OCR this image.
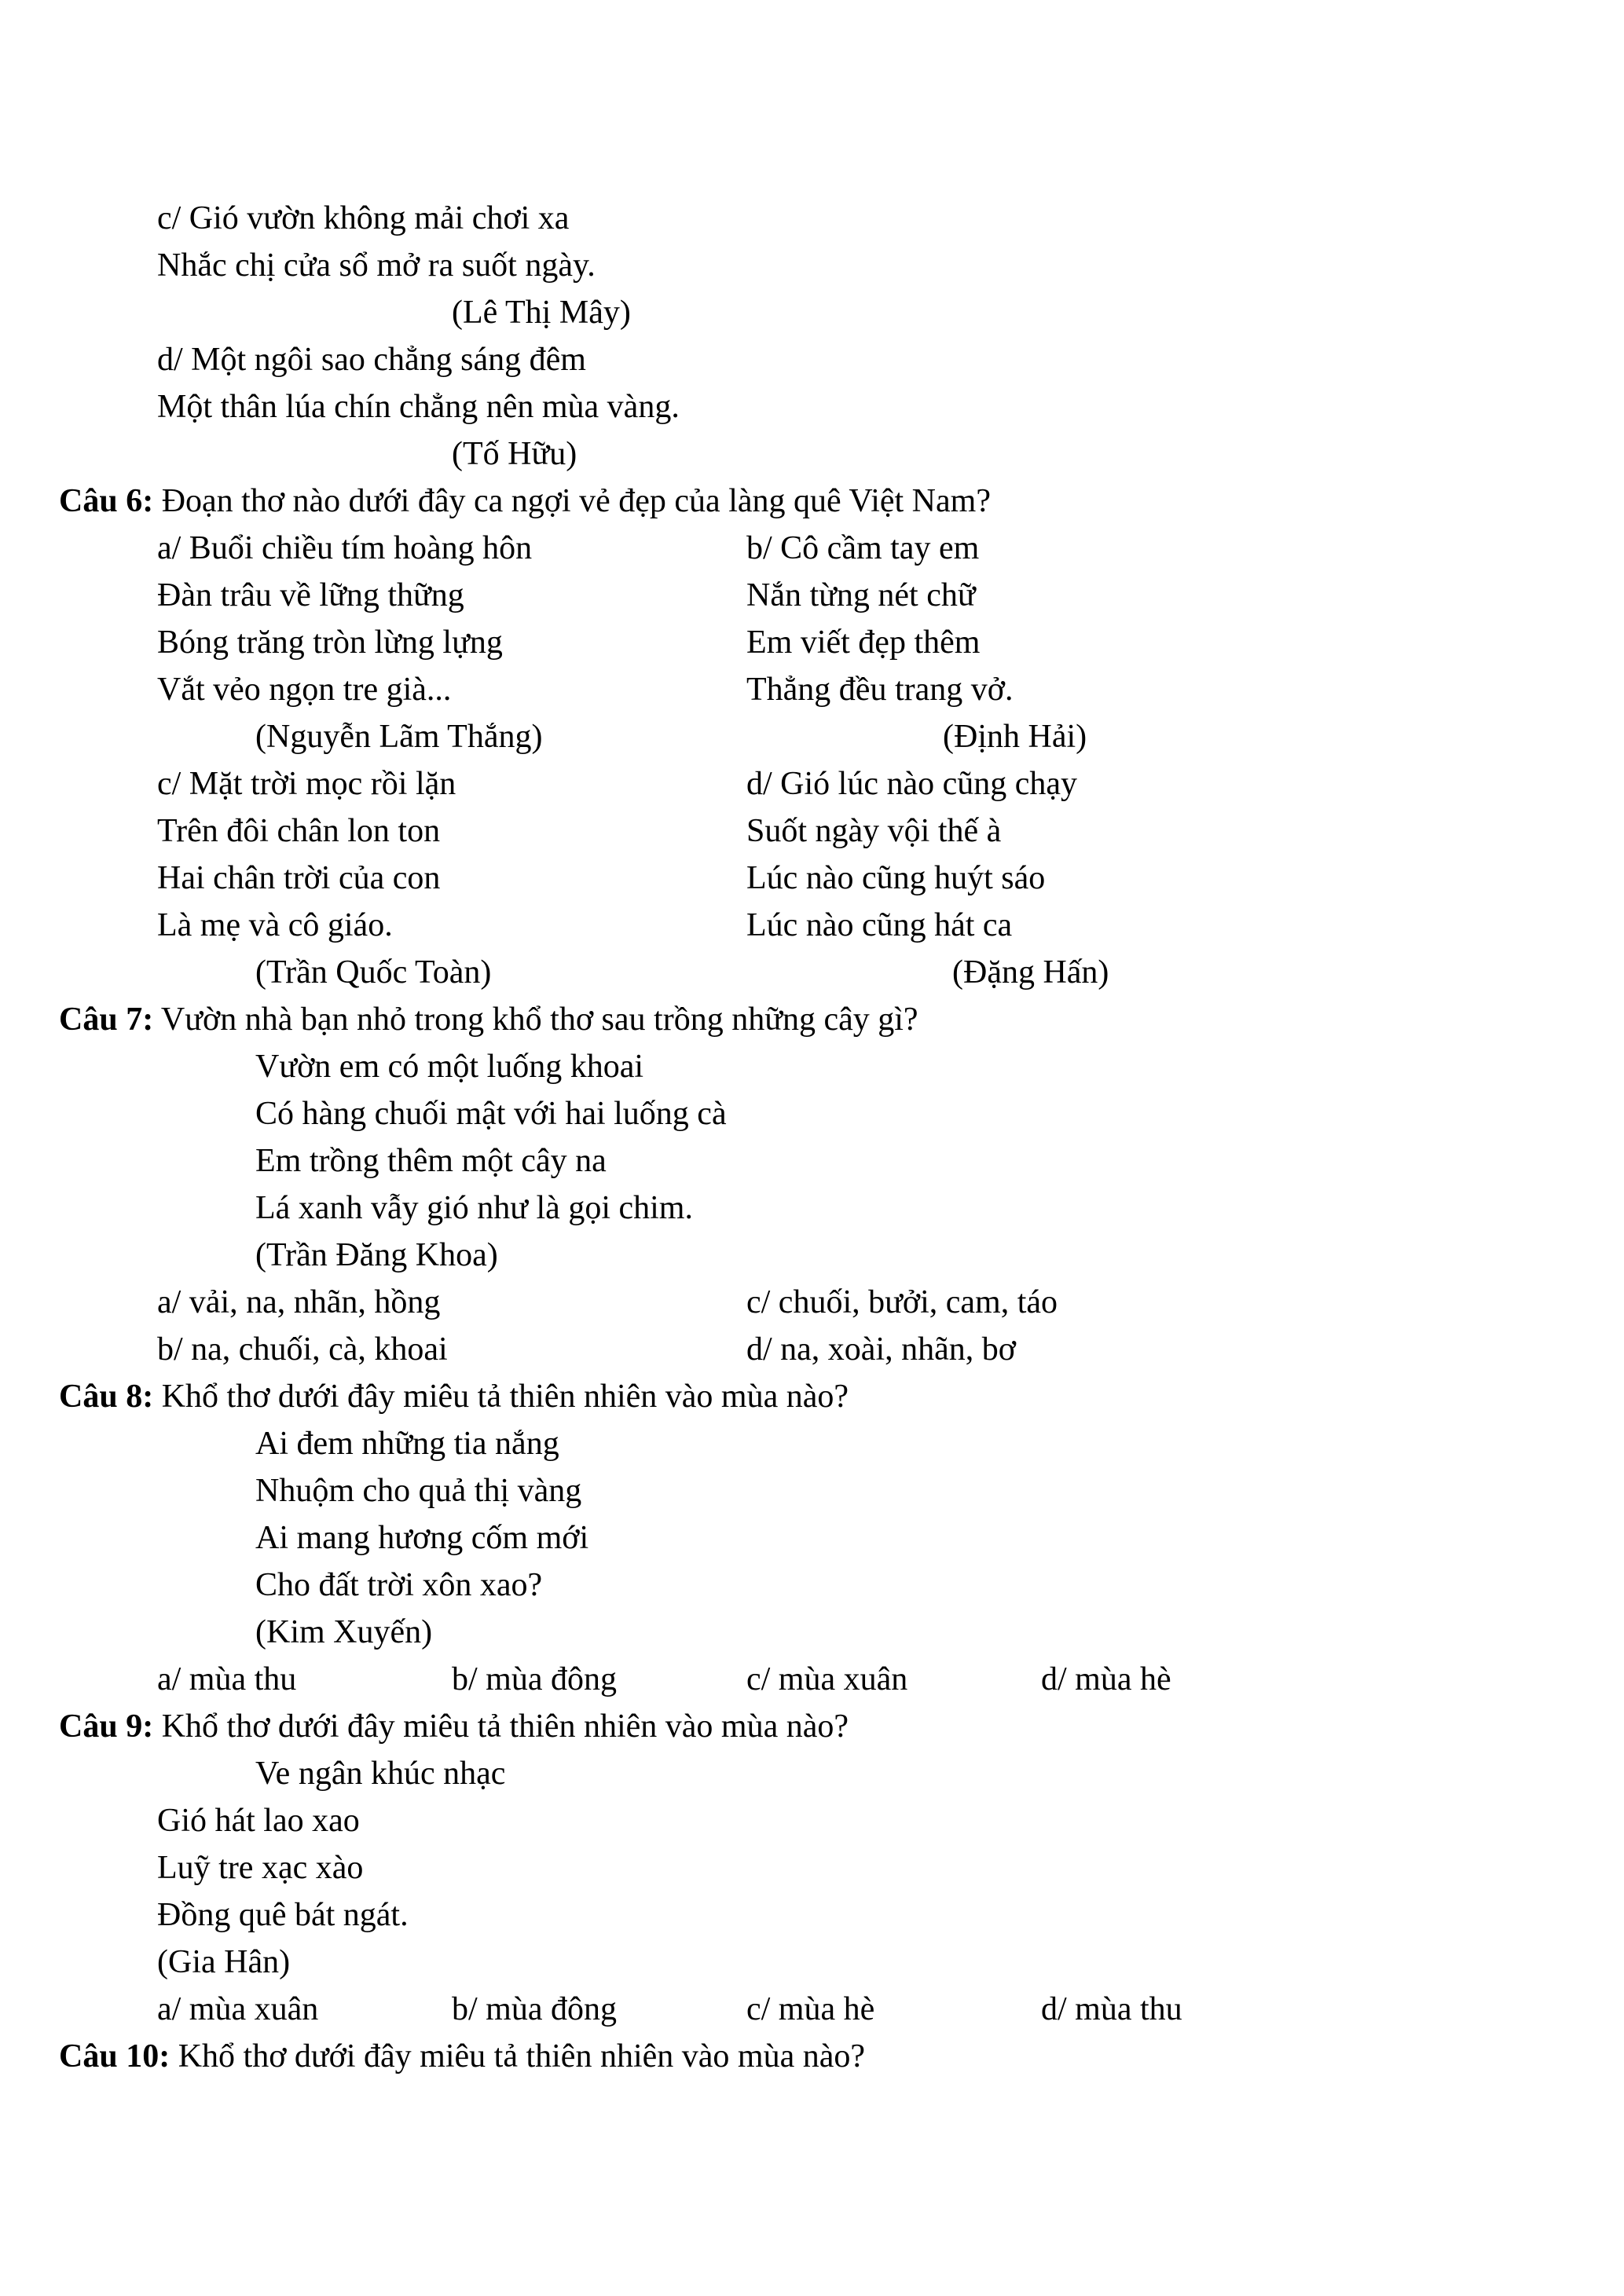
c/ Gió vườn không mải chơi xa
Nhắc chị cửa sổ mở ra suốt ngày.
(Lê Thị Mây)
d/ Một ngôi sao chẳng sáng đêm
Một thân lúa chín chẳng nên mùa vàng.
(Tố Hữu)
Câu 6: Đoạn thơ nào dưới đây ca ngợi vẻ đẹp của làng quê Việt Nam?
a/ Buổi chiều tím hoàng hôn
Đàn trâu về lững thững
Bóng trăng tròn lừng lựng
Vắt vẻo ngọn tre già...
(Nguyễn Lãm Thắng)
b/ Cô cầm tay em
Nắn từng nét chữ
Em viết đẹp thêm
Thẳng đều trang vở.
(Định Hải)
c/ Mặt trời mọc rồi lặn
Trên đôi chân lon ton
Hai chân trời của con
Là mẹ và cô giáo.
(Trần Quốc Toàn)
d/ Gió lúc nào cũng chạy
Suốt ngày vội thế à
Lúc nào cũng huýt sáo
Lúc nào cũng hát ca
(Đặng Hấn)
Câu 7: Vườn nhà bạn nhỏ trong khổ thơ sau trồng những cây gì?
Vườn em có một luống khoai
Có hàng chuối mật với hai luống cà
Em trồng thêm một cây na
Lá xanh vẫy gió như là gọi chim.
(Trần Đăng Khoa)
a/ vải, na, nhãn, hồng	c/ chuối, bưởi, cam, táo
b/ na, chuối, cà, khoai	d/ na, xoài, nhãn, bơ
Câu 8: Khổ thơ dưới đây miêu tả thiên nhiên vào mùa nào?
Ai đem những tia nắng
Nhuộm cho quả thị vàng
Ai mang hương cốm mới
Cho đất trời xôn xao?
(Kim Xuyến)
a/ mùa thu	b/ mùa đông	c/ mùa xuân	d/ mùa hè
Câu 9: Khổ thơ dưới đây miêu tả thiên nhiên vào mùa nào?
Ve ngân khúc nhạc
Gió hát lao xao
Luỹ tre xạc xào
Đồng quê bát ngát.
(Gia Hân)
a/ mùa xuân	b/ mùa đông	c/ mùa hè	d/ mùa thu
Câu 10: Khổ thơ dưới đây miêu tả thiên nhiên vào mùa nào?
